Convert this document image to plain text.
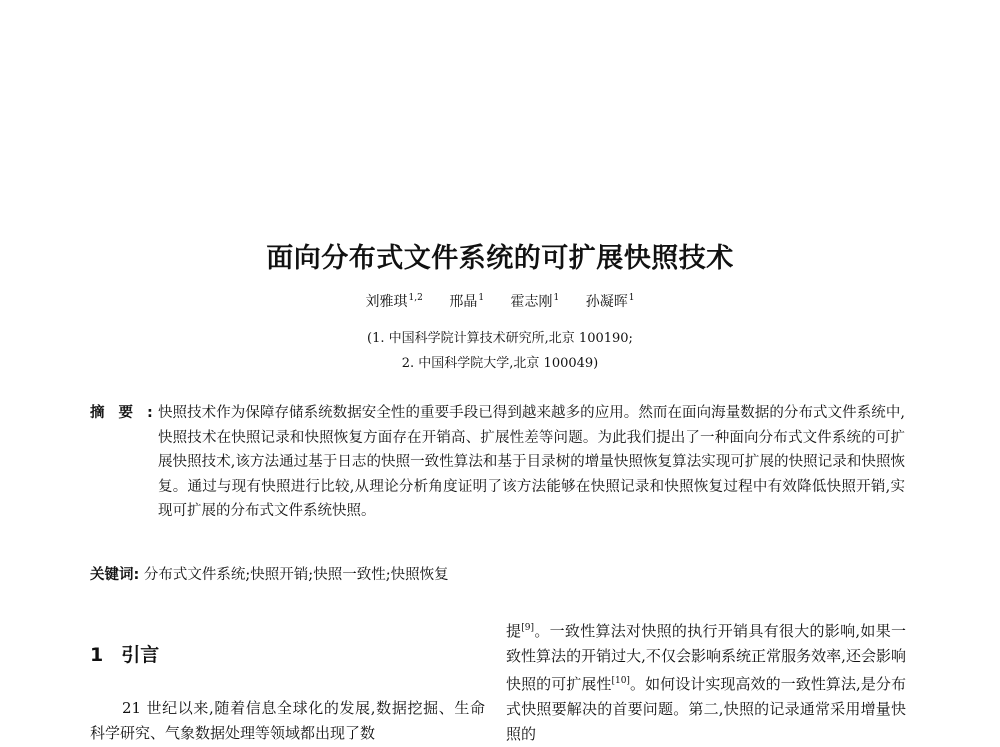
面向分布式文件系统的可扩展快照技术
刘雅琪$^{1,2}$ 邢晶$^1$ 霍志刚$^1$ 孙凝晖$^1$
(1. 中国科学院计算技术研究所,北京 100190;
2. 中国科学院大学,北京 100049)
摘要:
快照技术作为保障存储系统数据安全性的重要手段已得到越来越多的应用。然而在面向海量数据的分布式文件系统中,快照技术在快照记录和快照恢复方面存在开销高、扩展性差等问题。为此我们提出了一种面向分布式文件系统的可扩展快照技术,该方法通过基于日志的快照一致性算法和基于目录树的增量快照恢复算法实现可扩展的快照记录和快照恢复。通过与现有快照进行比较,从理论分析角度证明了该方法能够在快照记录和快照恢复过程中有效降低快照开销,实现可扩展的分布式文件系统快照。
关键词: 分布式文件系统;快照开销;快照一致性;快照恢复
1 引言
21 世纪以来,随着信息全球化的发展,数据挖掘、生命科学研究、气象数据处理等领域都出现了数
提[9]。一致性算法对快照的执行开销具有很大的影响,如果一致性算法的开销过大,不仅会影响系统正常服务效率,还会影响快照的可扩展性[10]。如何设计实现高效的一致性算法,是分布式快照要解决的首要问题。第二,快照的记录通常采用增量快照的
